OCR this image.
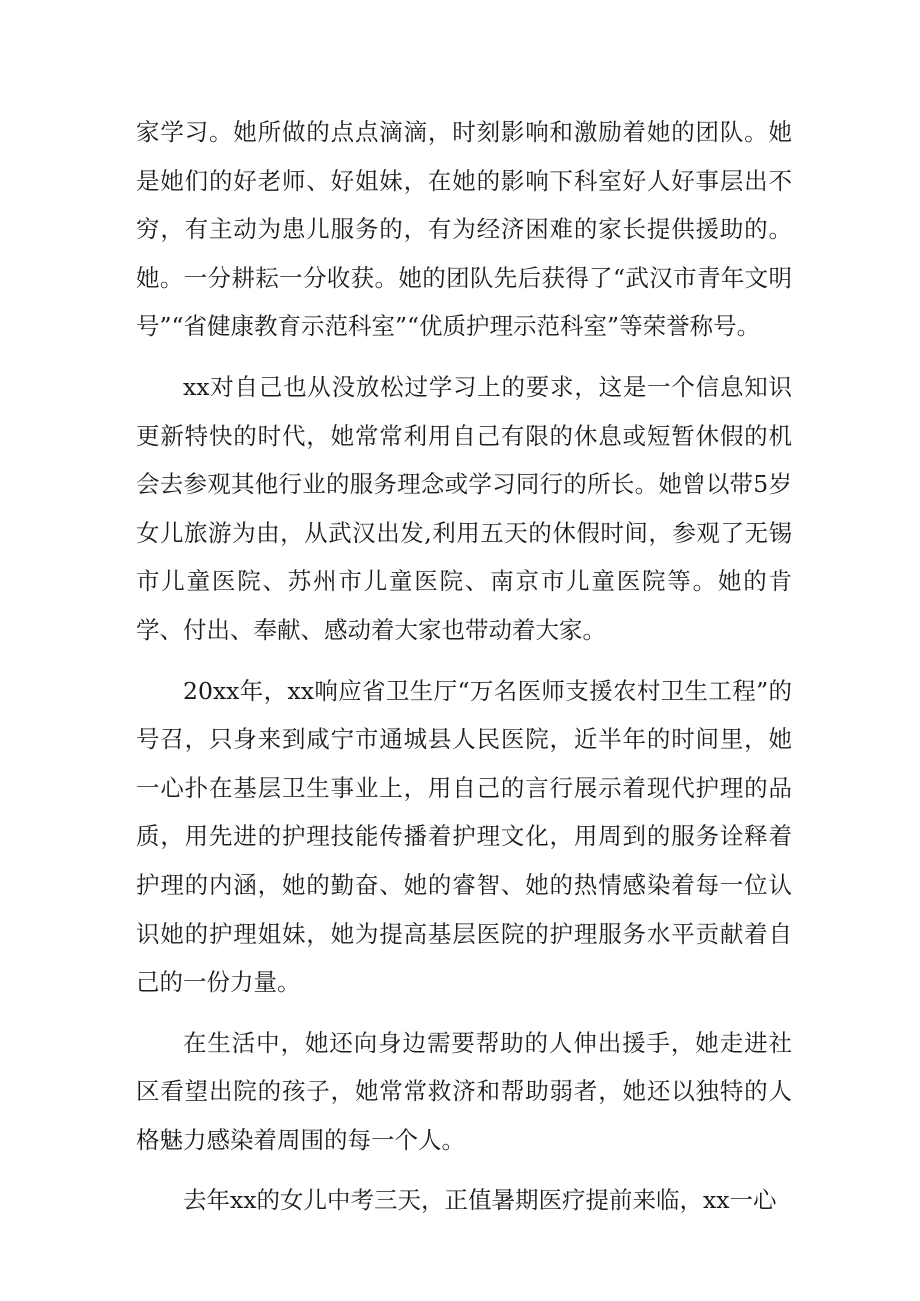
家学习。她所做的点点滴滴，时刻影响和激励着她的团队。她是她们的好老师、好姐妹，在她的影响下科室好人好事层出不穷，有主动为患儿服务的，有为经济困难的家长提供援助的。她。一分耕耘一分收获。她的团队先后获得了“武汉市青年文明号”“省健康教育示范科室”“优质护理示范科室”等荣誉称号。

xx对自己也从没放松过学习上的要求，这是一个信息知识更新特快的时代，她常常利用自己有限的休息或短暂休假的机会去参观其他行业的服务理念或学习同行的所长。她曾以带5岁女儿旅游为由，从武汉出发,利用五天的休假时间，参观了无锡市儿童医院、苏州市儿童医院、南京市儿童医院等。她的肯学、付出、奉献、感动着大家也带动着大家。

20xx年，xx响应省卫生厅“万名医师支援农村卫生工程”的号召，只身来到咸宁市通城县人民医院，近半年的时间里，她一心扑在基层卫生事业上，用自己的言行展示着现代护理的品质，用先进的护理技能传播着护理文化，用周到的服务诠释着护理的内涵，她的勤奋、她的睿智、她的热情感染着每一位认识她的护理姐妹，她为提高基层医院的护理服务水平贡献着自己的一份力量。

在生活中，她还向身边需要帮助的人伸出援手，她走进社区看望出院的孩子，她常常救济和帮助弱者，她还以独特的人格魅力感染着周围的每一个人。

去年xx的女儿中考三天，正值暑期医疗提前来临，xx一心
